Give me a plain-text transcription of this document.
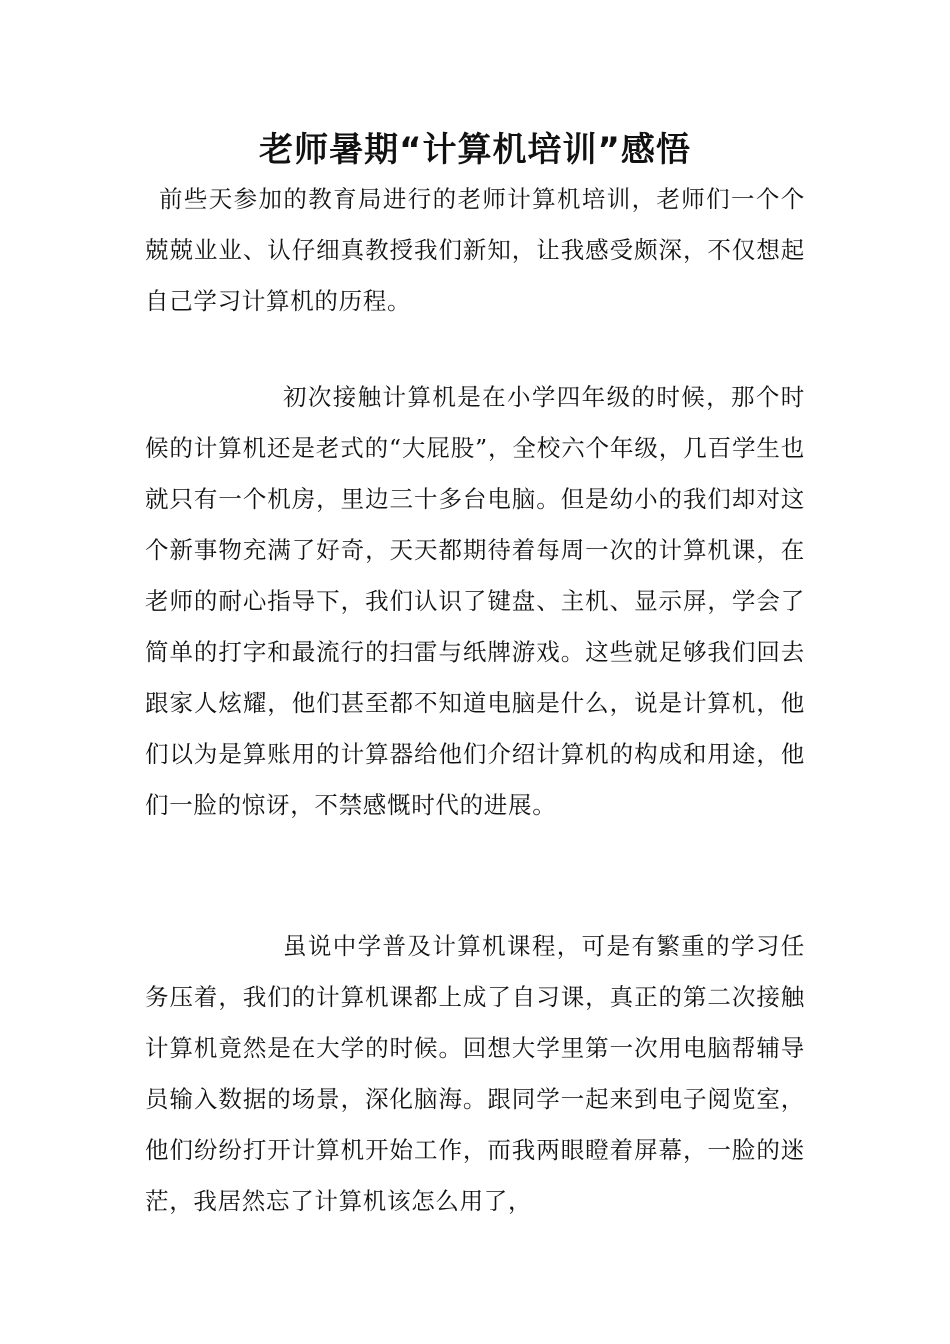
老师暑期“计算机培训”感悟

前些天参加的教育局进行的老师计算机培训，老师们一个个兢兢业业、认仔细真教授我们新知，让我感受颇深，不仅想起自己学习计算机的历程。

初次接触计算机是在小学四年级的时候，那个时候的计算机还是老式的“大屁股”，全校六个年级，几百学生也就只有一个机房，里边三十多台电脑。但是幼小的我们却对这个新事物充满了好奇，天天都期待着每周一次的计算机课，在老师的耐心指导下，我们认识了键盘、主机、显示屏，学会了简单的打字和最流行的扫雷与纸牌游戏。这些就足够我们回去跟家人炫耀，他们甚至都不知道电脑是什么，说是计算机，他们以为是算账用的计算器给他们介绍计算机的构成和用途，他们一脸的惊讶，不禁感慨时代的进展。

虽说中学普及计算机课程，可是有繁重的学习任务压着，我们的计算机课都上成了自习课，真正的第二次接触计算机竟然是在大学的时候。回想大学里第一次用电脑帮辅导员输入数据的场景，深化脑海。跟同学一起来到电子阅览室，他们纷纷打开计算机开始工作，而我两眼瞪着屏幕，一脸的迷茫，我居然忘了计算机该怎么用了，
